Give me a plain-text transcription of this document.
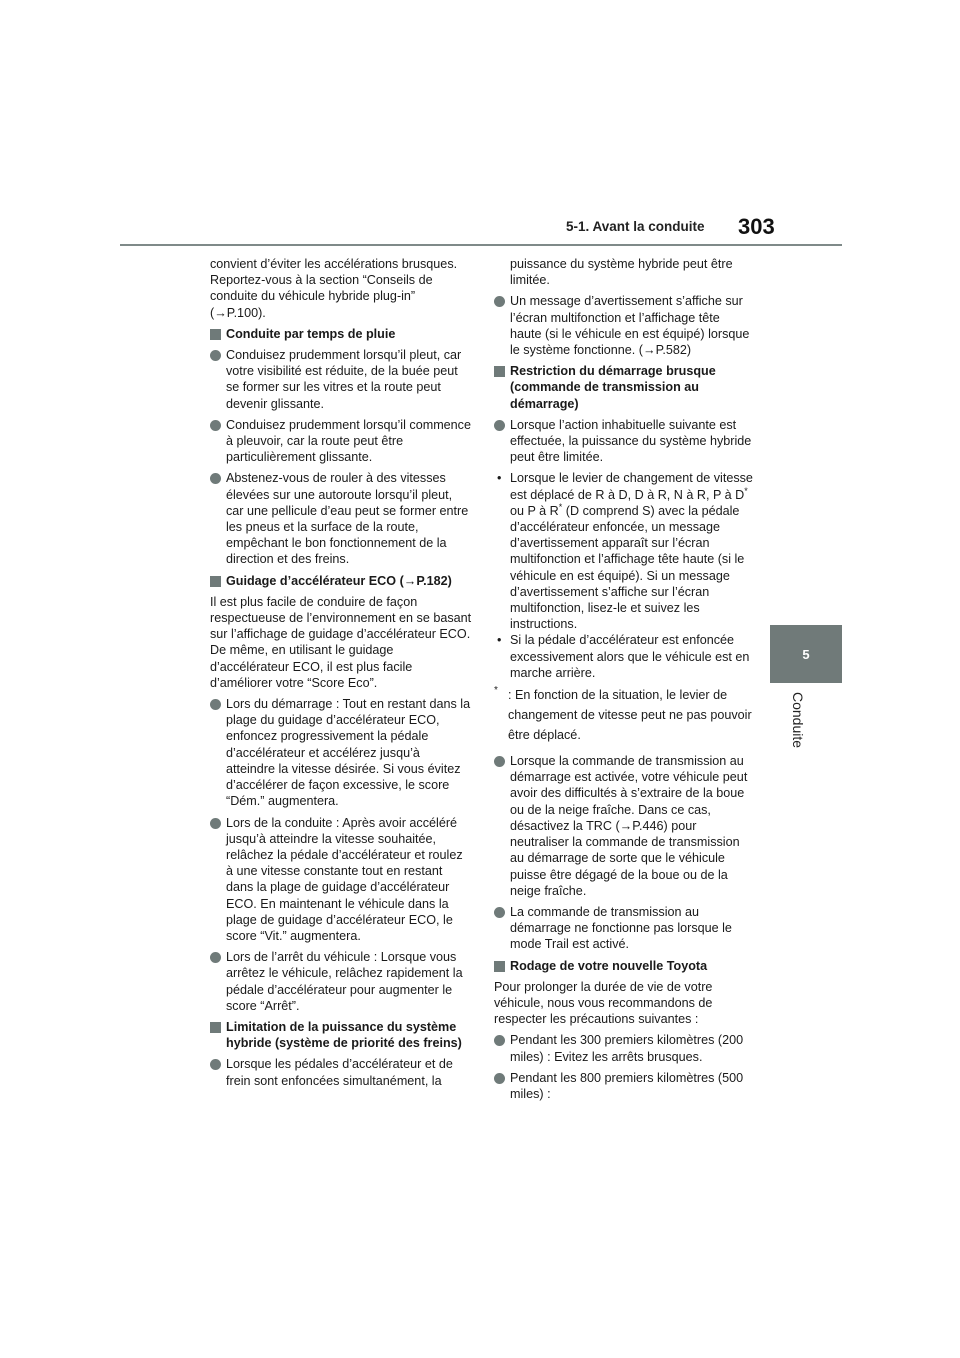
5-1. Avant la conduite 303
5
Conduite

convient d’éviter les accélérations brusques. Reportez-vous à la section “Conseils de conduite du véhicule hybride plug-in” (→P.100).

Conduite par temps de pluie
Conduisez prudemment lorsqu’il pleut, car votre visibilité est réduite, de la buée peut se former sur les vitres et la route peut devenir glissante.
Conduisez prudemment lorsqu’il commence à pleuvoir, car la route peut être particulièrement glissante.
Abstenez-vous de rouler à des vitesses élevées sur une autoroute lorsqu’il pleut, car une pellicule d’eau peut se former entre les pneus et la surface de la route, empêchant le bon fonctionnement de la direction et des freins.
Guidage d’accélérateur ECO (→P.182)

Il est plus facile de conduire de façon respectueuse de l’environnement en se basant sur l’affichage de guidage d’accélérateur ECO. De même, en utilisant le guidage d’accélérateur ECO, il est plus facile d’améliorer votre “Score Eco”.

Lors du démarrage : Tout en restant dans la plage du guidage d’accélérateur ECO, enfoncez progressivement la pédale d’accélérateur et accélérez jusqu’à atteindre la vitesse désirée. Si vous évitez d’accélérer de façon excessive, le score “Dém.” augmentera.
Lors de la conduite : Après avoir accéléré jusqu’à atteindre la vitesse souhaitée, relâchez la pédale d’accélérateur et roulez à une vitesse constante tout en restant dans la plage de guidage d’accélérateur ECO. En maintenant le véhicule dans la plage de guidage d’accélérateur ECO, le score “Vit.” augmentera.
Lors de l’arrêt du véhicule : Lorsque vous arrêtez le véhicule, relâchez rapidement la pédale d’accélérateur pour augmenter le score “Arrêt”.
Limitation de la puissance du système hybride (système de priorité des freins)
Lorsque les pédales d’accélérateur et de frein sont enfoncées simultanément, la

puissance du système hybride peut être limitée.

Un message d’avertissement s’affiche sur l’écran multifonction et l’affichage tête haute (si le véhicule en est équipé) lorsque le système fonctionne. (→P.582)
Restriction du démarrage brusque (commande de transmission au démarrage)
Lorsque l’action inhabituelle suivante est effectuée, la puissance du système hybride peut être limitée.
• Lorsque le levier de changement de vitesse est déplacé de R à D, D à R, N à R, P à D* ou P à R* (D comprend S) avec la pédale d’accélérateur enfoncée, un message d’avertissement apparaît sur l’écran multifonction et l’affichage tête haute (si le véhicule en est équipé). Si un message d’avertissement s’affiche sur l’écran multifonction, lisez-le et suivez les instructions.
• Si la pédale d’accélérateur est enfoncée excessivement alors que le véhicule est en marche arrière.
* : En fonction de la situation, le levier de changement de vitesse peut ne pas pouvoir être déplacé.
Lorsque la commande de transmission au démarrage est activée, votre véhicule peut avoir des difficultés à s’extraire de la boue ou de la neige fraîche. Dans ce cas, désactivez la TRC (→P.446) pour neutraliser la commande de transmission au démarrage de sorte que le véhicule puisse être dégagé de la boue ou de la neige fraîche.
La commande de transmission au démarrage ne fonctionne pas lorsque le mode Trail est activé.
Rodage de votre nouvelle Toyota

Pour prolonger la durée de vie de votre véhicule, nous vous recommandons de respecter les précautions suivantes :

Pendant les 300 premiers kilomètres (200 miles) : Evitez les arrêts brusques.
Pendant les 800 premiers kilomètres (500 miles) :
